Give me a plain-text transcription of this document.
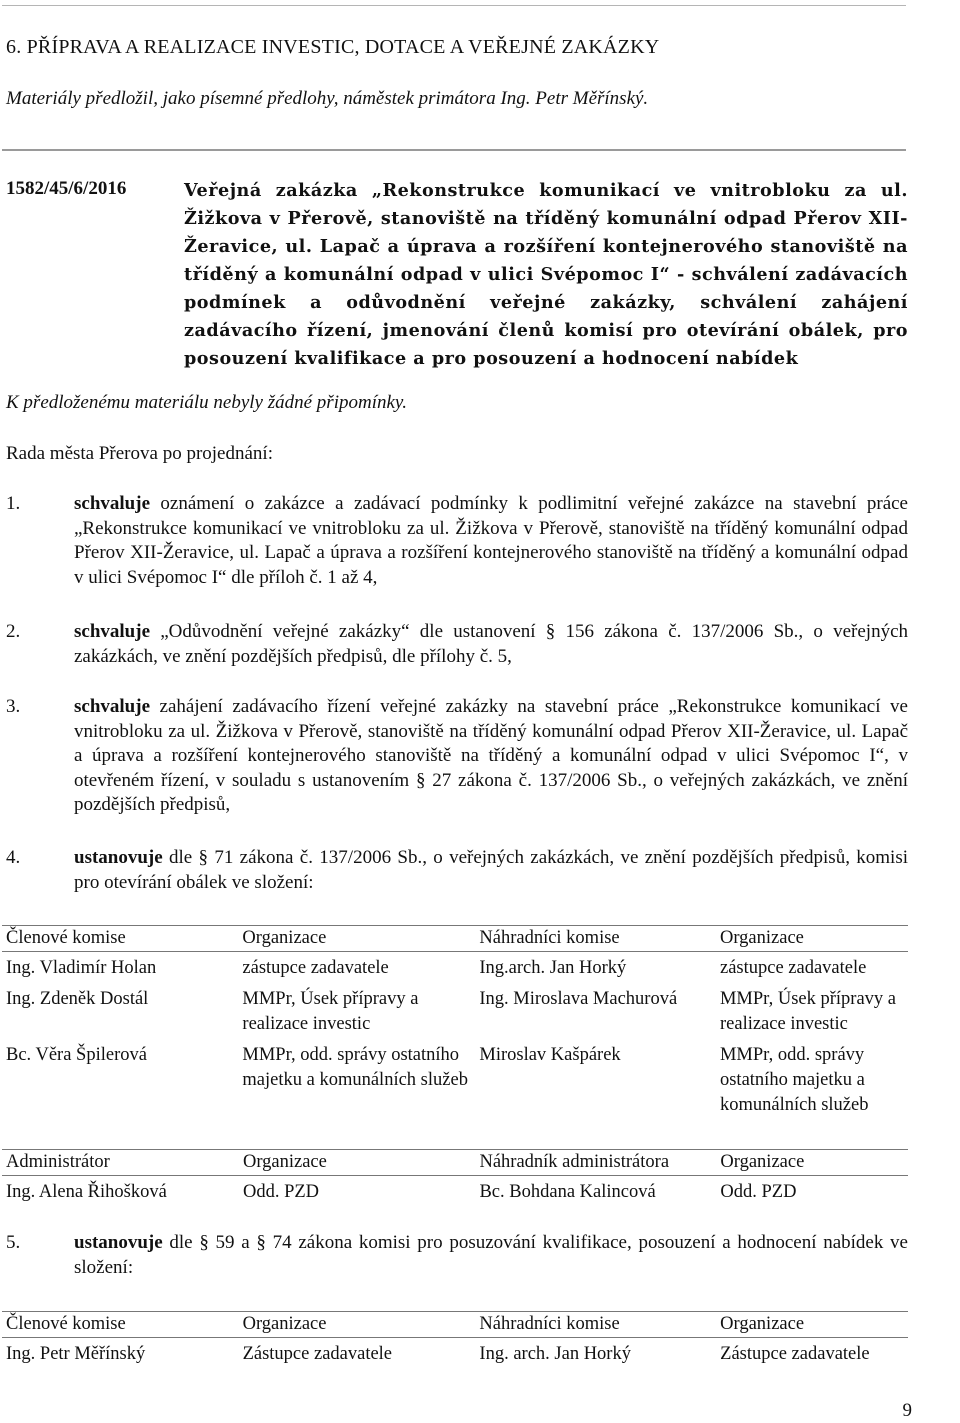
6. PŘÍPRAVA A REALIZACE INVESTIC, DOTACE A VEŘEJNÉ ZAKÁZKY
Materiály předložil, jako písemné předlohy, náměstek primátora Ing. Petr Měřínský.
1582/45/6/2016	Veřejná zakázka „Rekonstrukce komunikací ve vnitrobloku za ul. Žižkova v Přerově, stanoviště na tříděný komunální odpad Přerov XII-Žeravice, ul. Lapač a úprava a rozšíření kontejnerového stanoviště na tříděný a komunální odpad v ulici Svépomoc I“ - schválení zadávacích podmínek a odůvodnění veřejné zakázky, schválení zahájení zadávacího řízení, jmenování členů komisí pro otevírání obálek, pro posouzení kvalifikace a pro posouzení a hodnocení nabídek
K předloženému materiálu nebyly žádné připomínky.
Rada města Přerova po projednání:
1.	schvaluje oznámení o zakázce a zadávací podmínky k podlimitní veřejné zakázce na stavební práce „Rekonstrukce komunikací ve vnitrobloku za ul. Žižkova v Přerově, stanoviště na tříděný komunální odpad Přerov XII-Žeravice, ul. Lapač a úprava a rozšíření kontejnerového stanoviště na tříděný a komunální odpad v ulici Svépomoc I“ dle příloh č. 1 až 4,
2.	schvaluje „Odůvodnění veřejné zakázky“ dle ustanovení § 156 zákona č. 137/2006 Sb., o veřejných zakázkách, ve znění pozdějších předpisů, dle přílohy č. 5,
3.	schvaluje zahájení zadávacího řízení veřejné zakázky na stavební práce „Rekonstrukce komunikací ve vnitrobloku za ul. Žižkova v Přerově, stanoviště na tříděný komunální odpad Přerov XII-Žeravice, ul. Lapač a úprava a rozšíření kontejnerového stanoviště na tříděný a komunální odpad v ulici Svépomoc I“, v otevřeném řízení, v souladu s ustanovením § 27 zákona č. 137/2006 Sb., o veřejných zakázkách, ve znění pozdějších předpisů,
4.	ustanovuje dle § 71 zákona č. 137/2006 Sb., o veřejných zakázkách, ve znění pozdějších předpisů, komisi pro otevírání obálek ve složení:
Členové komise	Organizace	Náhradníci komise	Organizace
Ing. Vladimír Holan	zástupce zadavatele	Ing.arch. Jan Horký	zástupce zadavatele
Ing. Zdeněk Dostál	MMPr, Úsek přípravy a realizace investic	Ing. Miroslava Machurová	MMPr, Úsek přípravy a realizace investic
Bc. Věra Špilerová	MMPr, odd. správy ostatního majetku a komunálních služeb	Miroslav Kašpárek	MMPr, odd. správy ostatního majetku a komunálních služeb
Administrátor	Organizace	Náhradník administrátora	Organizace
Ing. Alena Řihošková	Odd. PZD	Bc. Bohdana Kalincová	Odd. PZD
5.	ustanovuje dle § 59 a § 74 zákona komisi pro posuzování kvalifikace, posouzení a hodnocení nabídek ve složení:
Členové komise	Organizace	Náhradníci komise	Organizace
Ing. Petr Měřínský	Zástupce zadavatele	Ing. arch. Jan Horký	Zástupce zadavatele
9
